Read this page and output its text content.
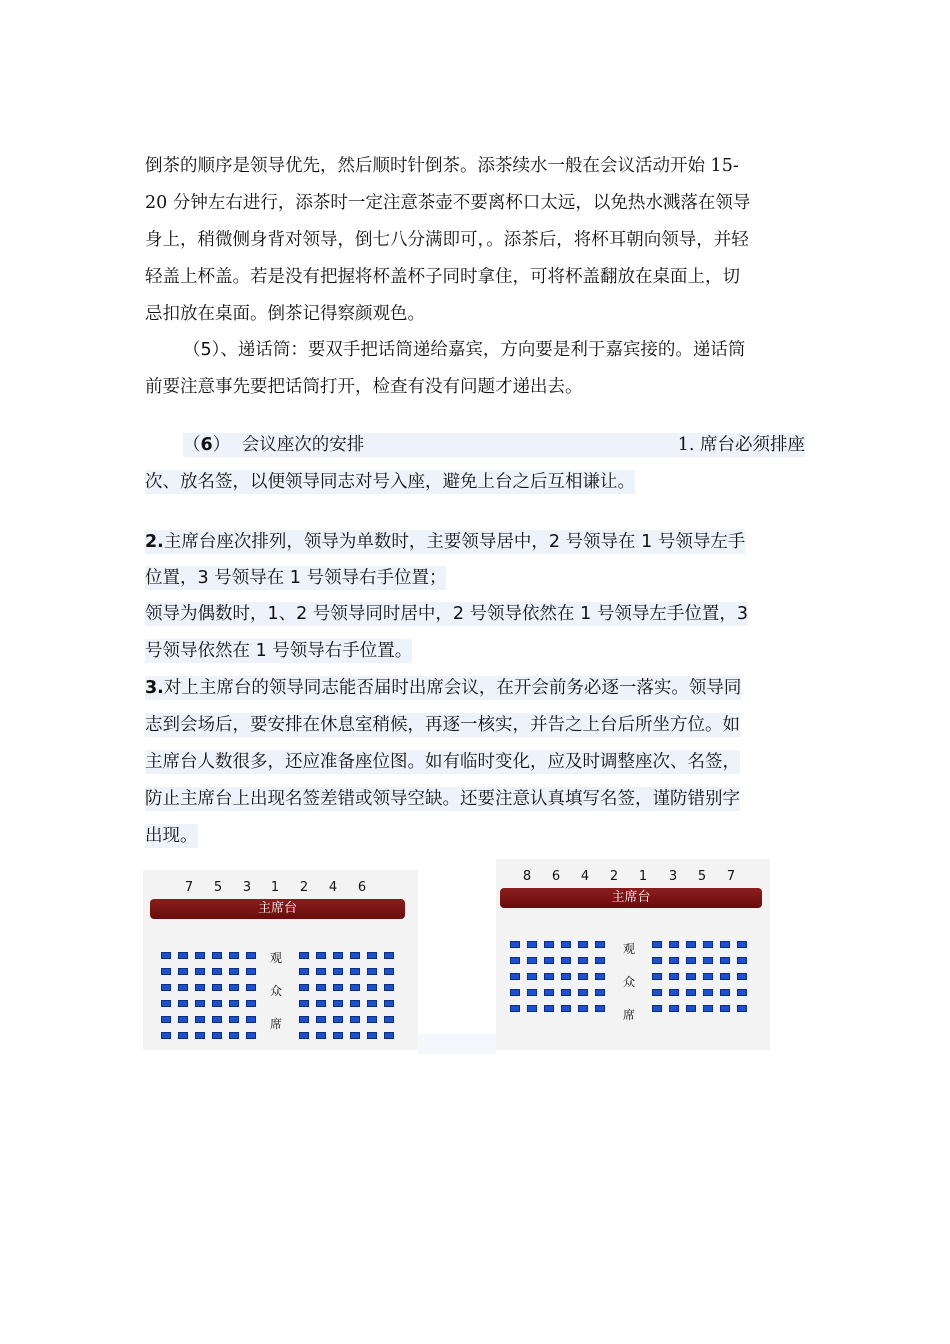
倒茶的顺序是领导优先，然后顺时针倒茶。添茶续水一般在会议活动开始 15-
20 分钟左右进行，添茶时一定注意茶壶不要离杯口太远，以免热水溅落在领导
身上，稍微侧身背对领导，倒七八分满即可，。添茶后，将杯耳朝向领导，并轻
轻盖上杯盖。若是没有把握将杯盖杯子同时拿住，可将杯盖翻放在桌面上，切
忌扣放在桌面。倒茶记得察颜观色。
（5）、递话筒：要双手把话筒递给嘉宾，方向要是利于嘉宾接的。递话筒
前要注意事先要把话筒打开，检查有没有问题才递出去。
（6） 会议座次的安排	1. 席台必须排座
次、放名签，以便领导同志对号入座，避免上台之后互相谦让。
2.主席台座次排列，领导为单数时，主要领导居中，2 号领导在 1 号领导左手
位置，3 号领导在 1 号领导右手位置；
领导为偶数时，1、2 号领导同时居中，2 号领导依然在 1 号领导左手位置，3
号领导依然在 1 号领导右手位置。
3.对上主席台的领导同志能否届时出席会议，在开会前务必逐一落实。领导同
志到会场后，要安排在休息室稍候，再逐一核实，并告之上台后所坐方位。如
主席台人数很多，还应准备座位图。如有临时变化，应及时调整座次、名签，
防止主席台上出现名签差错或领导空缺。还要注意认真填写名签，谨防错别字
出现。
7 5 3 1 2 4 6
主席台
观
众
席
8 6 4 2 1 3 5 7
主席台
观
众
席
